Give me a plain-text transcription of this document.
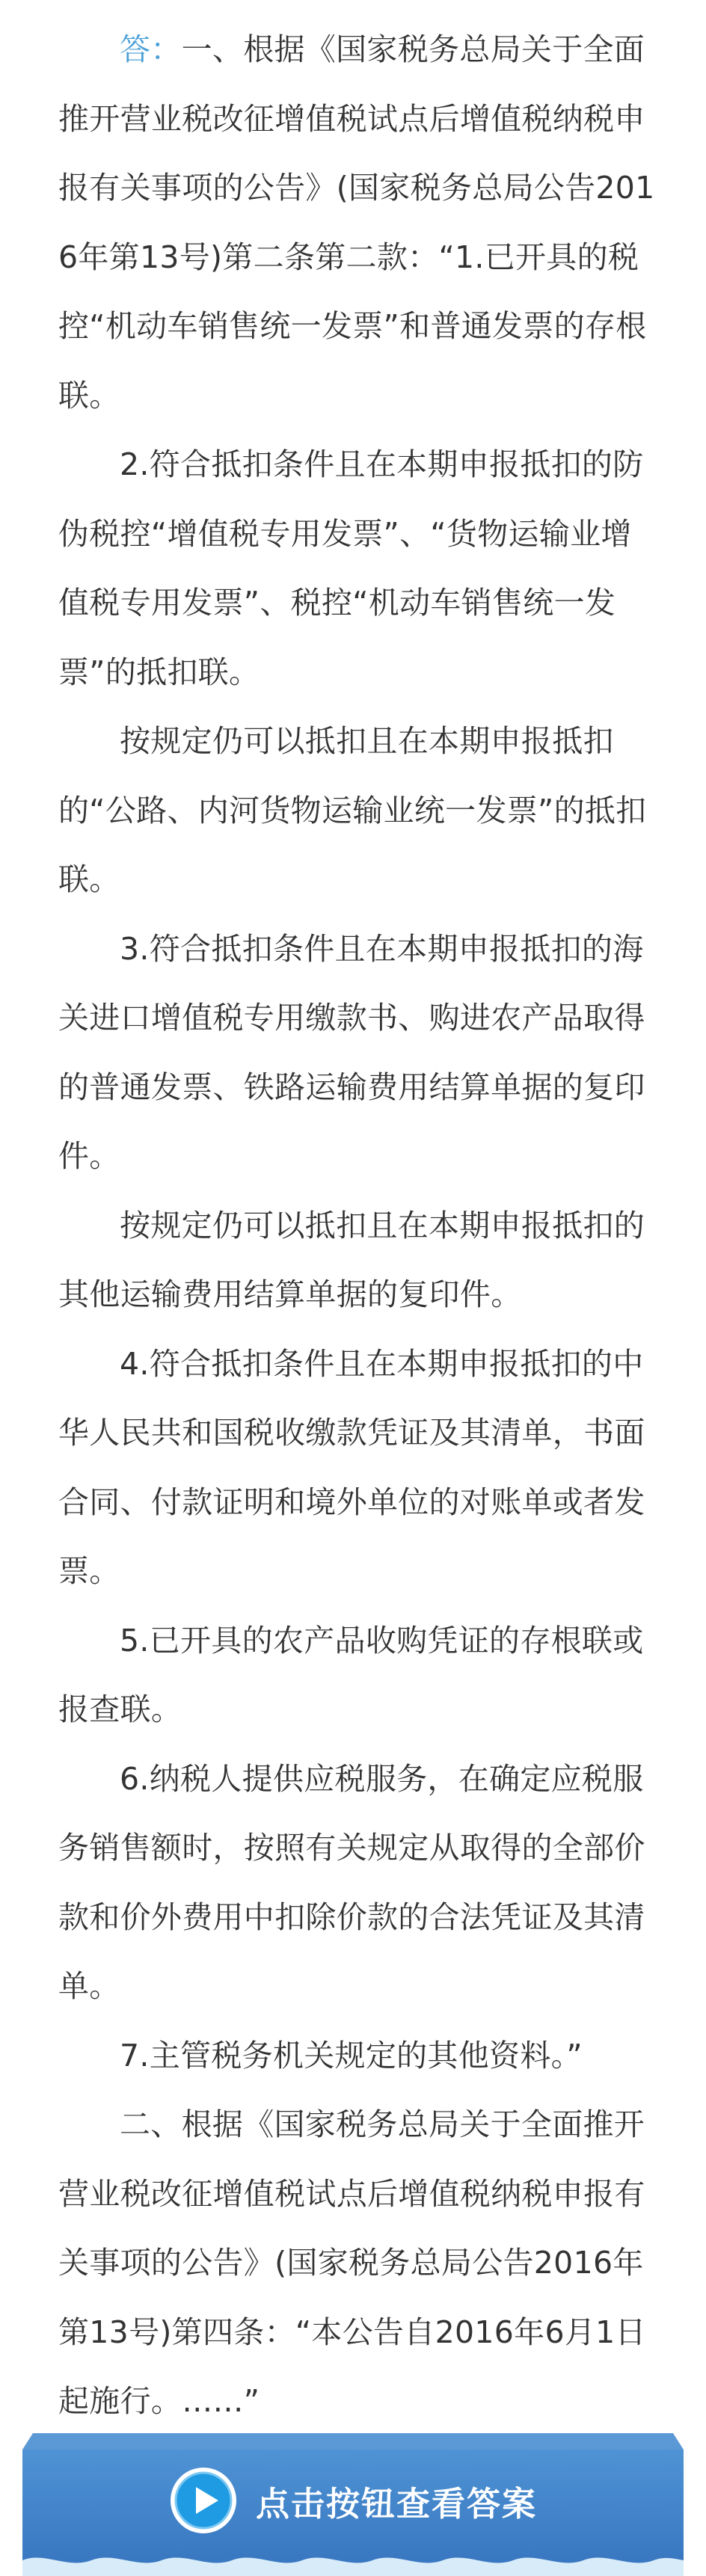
答：一、根据《国家税务总局关于全面推开营业税改征增值税试点后增值税纳税申报有关事项的公告》(国家税务总局公告2016年第13号)第二条第二款：“1.已开具的税控“机动车销售统一发票”和普通发票的存根联。

2.符合抵扣条件且在本期申报抵扣的防伪税控“增值税专用发票”、“货物运输业增值税专用发票”、税控“机动车销售统一发票”的抵扣联。

按规定仍可以抵扣且在本期申报抵扣的“公路、内河货物运输业统一发票”的抵扣联。

3.符合抵扣条件且在本期申报抵扣的海关进口增值税专用缴款书、购进农产品取得的普通发票、铁路运输费用结算单据的复印件。

按规定仍可以抵扣且在本期申报抵扣的其他运输费用结算单据的复印件。

4.符合抵扣条件且在本期申报抵扣的中华人民共和国税收缴款凭证及其清单，书面合同、付款证明和境外单位的对账单或者发票。

5.已开具的农产品收购凭证的存根联或报查联。

6.纳税人提供应税服务，在确定应税服务销售额时，按照有关规定从取得的全部价款和价外费用中扣除价款的合法凭证及其清单。

7.主管税务机关规定的其他资料。”

二、根据《国家税务总局关于全面推开营业税改征增值税试点后增值税纳税申报有关事项的公告》(国家税务总局公告2016年第13号)第四条：“本公告自2016年6月1日起施行。……”

点击按钮查看答案
